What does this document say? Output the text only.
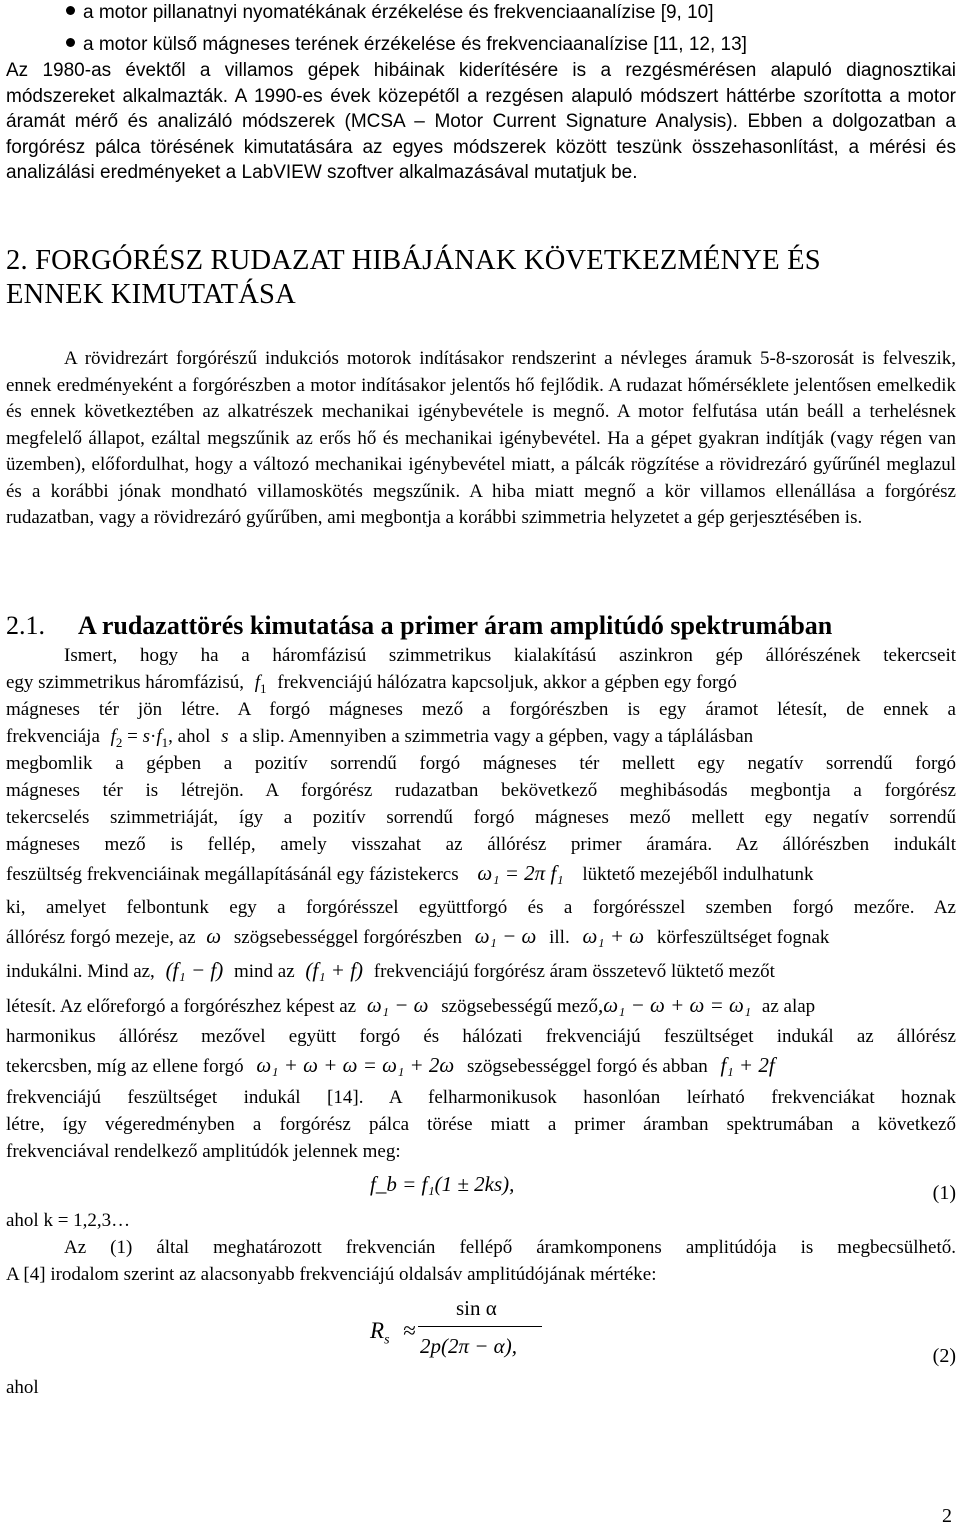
a motor pillanatnyi nyomatékának érzékelése és frekvenciaanalízise [9, 10]
a motor külső mágneses terének érzékelése és frekvenciaanalízise [11, 12, 13]
Az 1980-as évektől a villamos gépek hibáinak kiderítésére is a rezgésmérésen alapuló diagnosztikai módszereket alkalmazták. A 1990-es évek közepétől a rezgésen alapuló módszert háttérbe szorította a motor áramát mérő és analizáló módszerek (MCSA – Motor Current Signature Analysis). Ebben a dolgozatban a forgórész pálca törésének kimutatására az egyes módszerek között teszünk összehasonlítást, a mérési és analizálási eredményeket a LabVIEW szoftver alkalmazásával mutatjuk be.
2. FORGÓRÉSZ RUDAZAT HIBÁJÁNAK KÖVETKEZMÉNYE ÉS ENNEK KIMUTATÁSA
A rövidrezárt forgórészű indukciós motorok indításakor rendszerint a névleges áramuk 5-8-szorosát is felveszik, ennek eredményeként a forgórészben a motor indításakor jelentős hő fejlődik. A rudazat hőmérséklete jelentősen emelkedik és ennek következtében az alkatrészek mechanikai igénybevétele is megnő. A motor felfutása után beáll a terhelésnek megfelelő állapot, ezáltal megszűnik az erős hő és mechanikai igénybevétel. Ha a gépet gyakran indítják (vagy régen van üzemben), előfordulhat, hogy a változó mechanikai igénybevétel miatt, a pálcák rögzítése a rövidrezáró gyűrűnél meglazul és a korábbi jónak mondható villamoskötés megszűnik. A hiba miatt megnő a kör villamos ellenállása a forgórész rudazatban, vagy a rövidrezáró gyűrűben, ami megbontja a korábbi szimmetria helyzetet a gép gerjesztésében is.
2.1. A rudazattörés kimutatása a primer áram amplitúdó spektrumában
Isme​rt, hogy ha a háromfázisú szimmetrikus kialakítású aszinkron gép állórészének tekercseit
egy szimmetrikus háromfázisú, $f_1$ frekvenciájú hálózatra kapcsoljuk, akkor a gépben egy forgó
mágneses tér jön létre. A forgó mágneses mező a forgórészben is egy áramot létesít, de ennek a
frekvenciája $f_2 = s\cdot f_1$, ahol s a slip. Amennyiben a szimmetria vagy a gépben, vagy a táplálásban
megbomlik a gépben a pozitív sorrendű forgó mágneses tér mellett egy negatív sorrendű forgó
mágneses tér is létrejön. A forgórész rudazatban bekövetkező meghibásodás megbontja a forgórész
tekercselés szimmetriáját, így a pozitív sorrendű forgó mágneses mező mellett egy negatív sorrendű
mágneses mező is fellép, amely visszahat az állórész primer áramára. Az állórészben indukált
feszültség frekvenciáinak megállapításánál egy fázistekercs ω₁ = 2π f₁ lüktető mezejéből indulhatunk
ki, amelyet felbontunk egy a forgórésszel együttforgó és a forgórésszel szemben forgó mezőre. Az
állórész forgó mezeje, az ω szögsebességgel forgórészben ω₁ − ω ill. ω₁ + ω körfeszültséget fognak
indukálni. Mind az, (f₁ − f) mind az (f₁ + f) frekvenciájú forgórész áram összetevő lüktető mezőt
létesít. Az előreforgó a forgórészhez képest az ω₁ − ω szögsebességű mező,ω₁ − ω + ω = ω₁ az alap
harmonikus állórész mezővel együtt forgó és hálózati frekvenciájú feszültséget indukál az állórész
tekercsben, míg az ellene forgó ω₁ + ω + ω = ω₁ + 2ω szögsebességgel forgó és abban f₁ + 2f
frekvenciájú feszültséget indukál [14]. A felharmonikusok hasonlóan leírható frekvenciákat hoznak
létre, így végeredményben a forgórész pálca törése miatt a primer áramban spektrumában a következő
frekvenciával rendelkező amplitúdók jelennek meg:
f_b = f₁(1 ± 2ks),	(1)
ahol k = 1,2,3…
Az (1) által meghatározott frekvencián fellépő áramkomponens amplitúdója is megbecsülhető.
A [4] irodalom szerint az alacsonyabb frekvenciájú oldalsáv amplitúdójának mértéke:
$R_s$ ≈
sin α
2p(2π − α),	(2)
ahol
2
